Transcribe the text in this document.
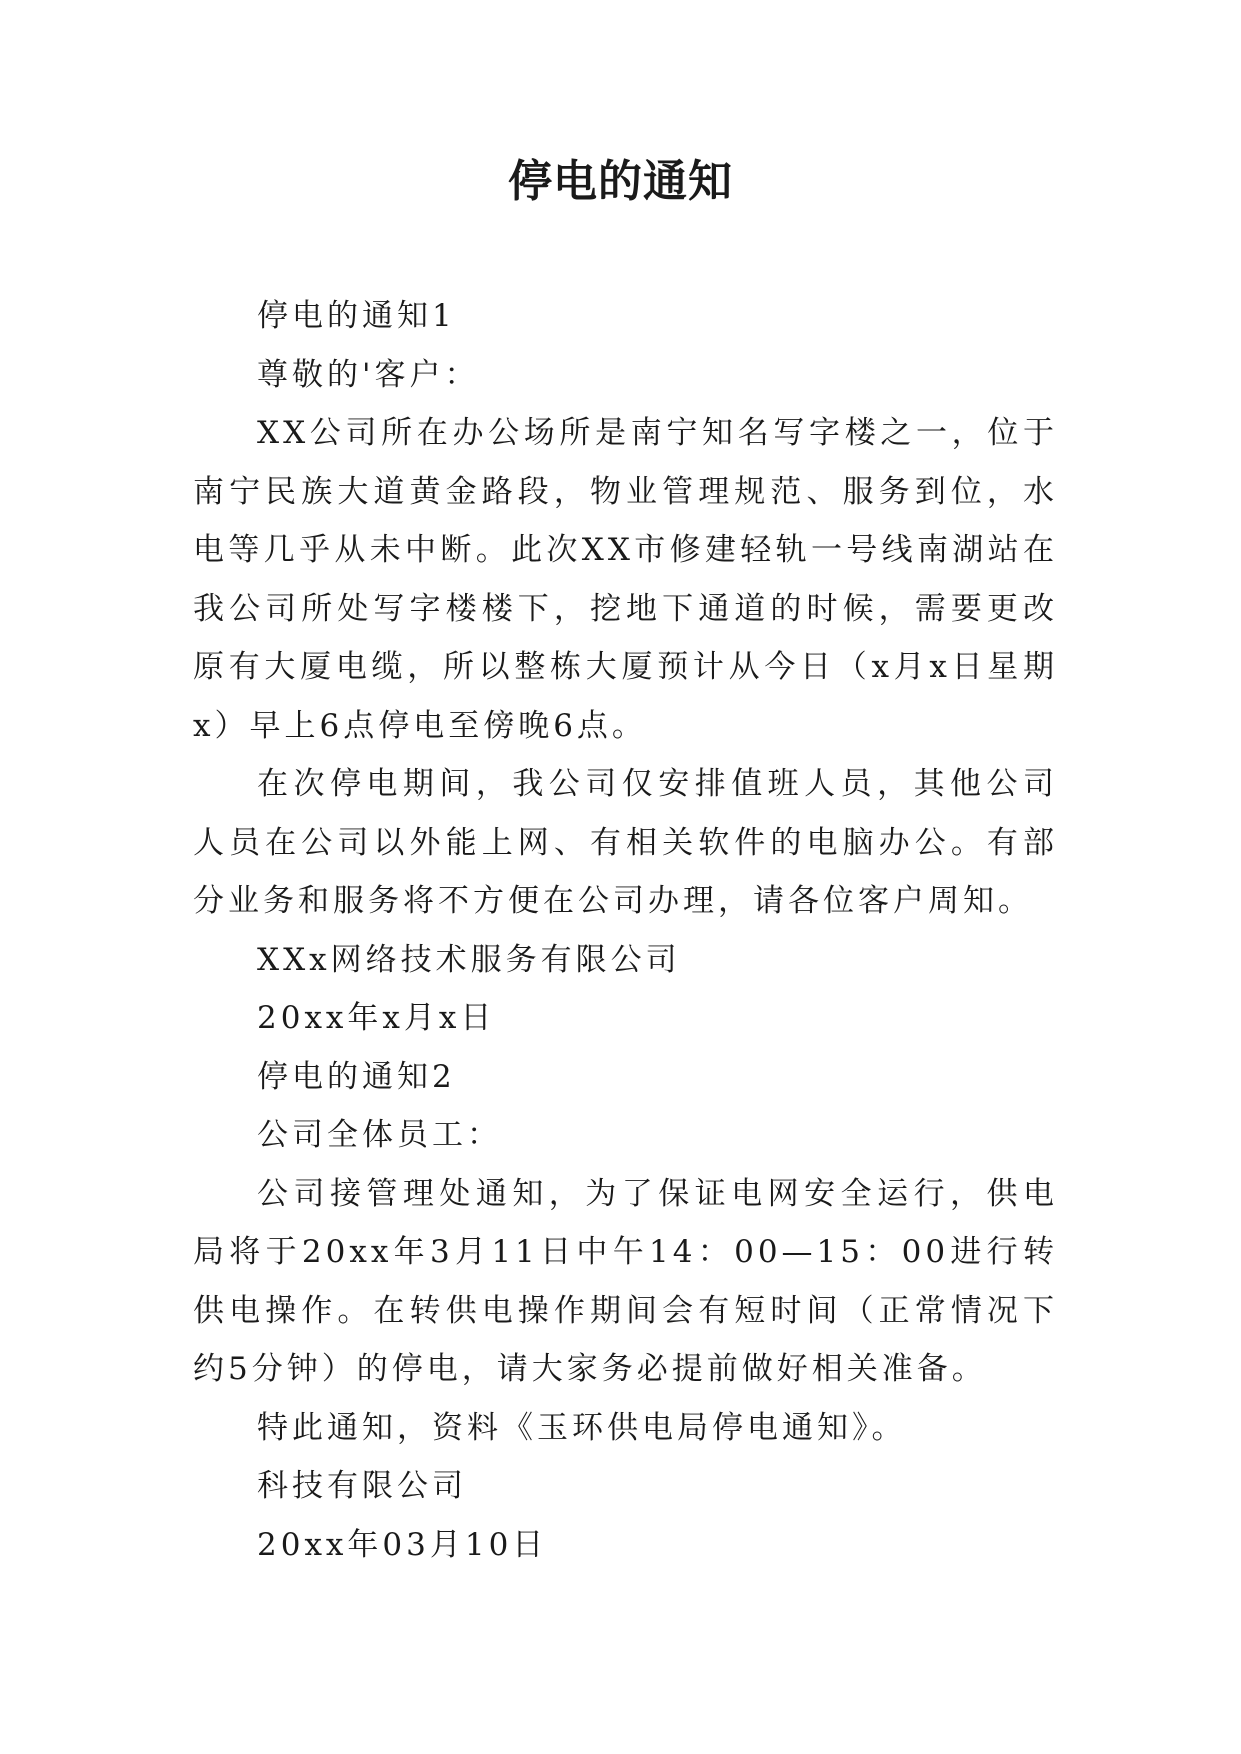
停电的通知

停电的通知1

尊敬的'客户：

XX公司所在办公场所是南宁知名写字楼之一，位于南宁民族大道黄金路段，物业管理规范、服务到位，水电等几乎从未中断。此次XX市修建轻轨一号线南湖站在我公司所处写字楼楼下，挖地下通道的时候，需要更改原有大厦电缆，所以整栋大厦预计从今日（x月x日星期x）早上6点停电至傍晚6点。

在次停电期间，我公司仅安排值班人员，其他公司人员在公司以外能上网、有相关软件的电脑办公。有部分业务和服务将不方便在公司办理，请各位客户周知。

XXx网络技术服务有限公司

20xx年x月x日

停电的通知2

公司全体员工：

公司接管理处通知，为了保证电网安全运行，供电局将于20xx年3月11日中午14：00—15：00进行转供电操作。在转供电操作期间会有短时间（正常情况下约5分钟）的停电，请大家务必提前做好相关准备。

特此通知，资料《玉环供电局停电通知》。

科技有限公司

20xx年03月10日
